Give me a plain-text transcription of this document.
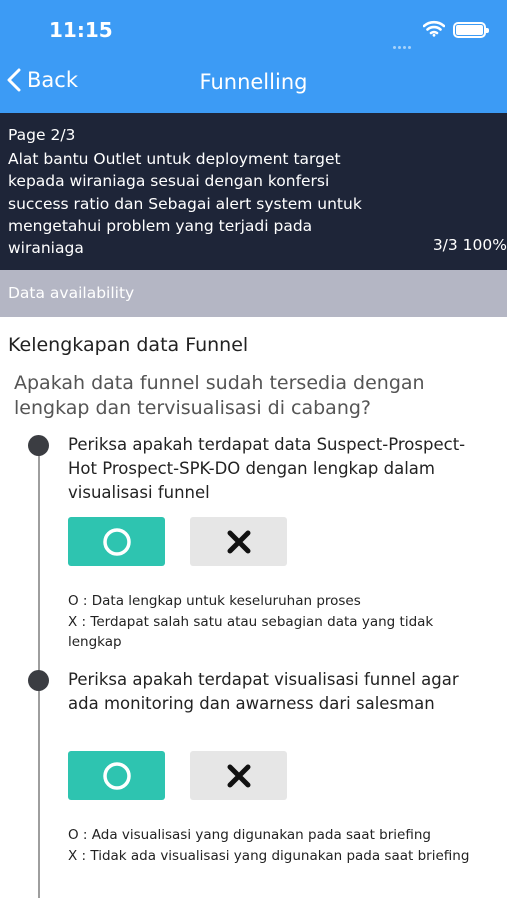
11:15
Back	Funnelling
Page 2/3
Alat bantu Outlet untuk deployment target kepada wiraniaga sesuai dengan konfersi success ratio dan Sebagai alert system untuk mengetahui problem yang terjadi pada wiraniaga	3/3 100%
Data availability
Kelengkapan data Funnel
Apakah data funnel sudah tersedia dengan lengkap dan tervisualisasi di cabang?
Periksa apakah terdapat data Suspect-Prospect-Hot Prospect-SPK-DO dengan lengkap dalam visualisasi funnel
O : Data lengkap untuk keseluruhan proses
X : Terdapat salah satu atau sebagian data yang tidak lengkap
Periksa apakah terdapat visualisasi funnel agar ada monitoring dan awarness dari salesman
O : Ada visualisasi yang digunakan pada saat briefing
X : Tidak ada visualisasi yang digunakan pada saat briefing
